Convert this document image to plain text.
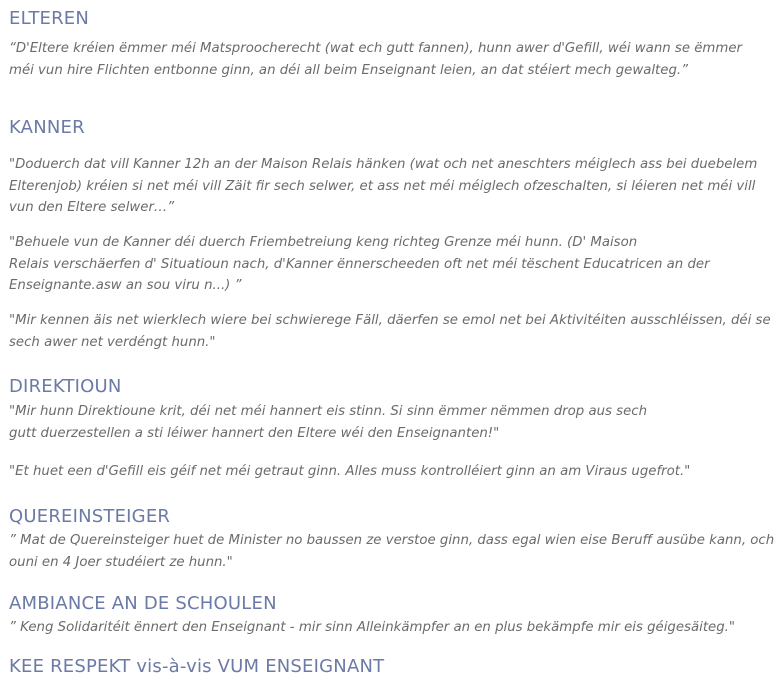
ELTEREN

“D'Eltere kréien ëmmer méi Matsproocherecht (wat ech gutt fannen), hunn awer d'Gefill, wéi wann se ëmmer
méi vun hire Flichten entbonne ginn, an déi all beim Enseignant leien, an dat stéiert mech gewalteg.”

KANNER

"Doduerch dat vill Kanner 12h an der Maison Relais hänken (wat och net aneschters méiglech ass bei duebelem
Elterenjob) kréien si net méi vill Zäit fir sech selwer, et ass net méi méiglech ofzeschalten, si léieren net méi vill
vun den Eltere selwer…”

"Behuele vun de Kanner déi duerch Friembetreiung keng richteg Grenze méi hunn. (D' Maison
Relais verschäerfen d' Situatioun nach, d'Kanner ënnerscheeden oft net méi tëschent Educatricen an der
Enseignante.asw an sou viru n...) ”

"Mir kennen äis net wierklech wiere bei schwierege Fäll, däerfen se emol net bei Aktivitéiten ausschléissen, déi se
sech awer net verdéngt hunn."

DIREKTIOUN

"Mir hunn Direktioune krit, déi net méi hannert eis stinn. Si sinn ëmmer nëmmen drop aus sech
gutt duerzestellen a sti léiwer hannert den Eltere wéi den Enseignanten!"

"Et huet een d'Gefill eis géif net méi getraut ginn. Alles muss kontrolléiert ginn an am Viraus ugefrot."

QUEREINSTEIGER

” Mat de Quereinsteiger huet de Minister no baussen ze verstoe ginn, dass egal wien eise Beruff ausübe kann, och
ouni en 4 Joer studéiert ze hunn."

AMBIANCE AN DE SCHOULEN

” Keng Solidaritéit ënnert den Enseignant - mir sinn Alleinkämpfer an en plus bekämpfe mir eis géigesäiteg."

KEE RESPEKT vis-à-vis VUM ENSEIGNANT
